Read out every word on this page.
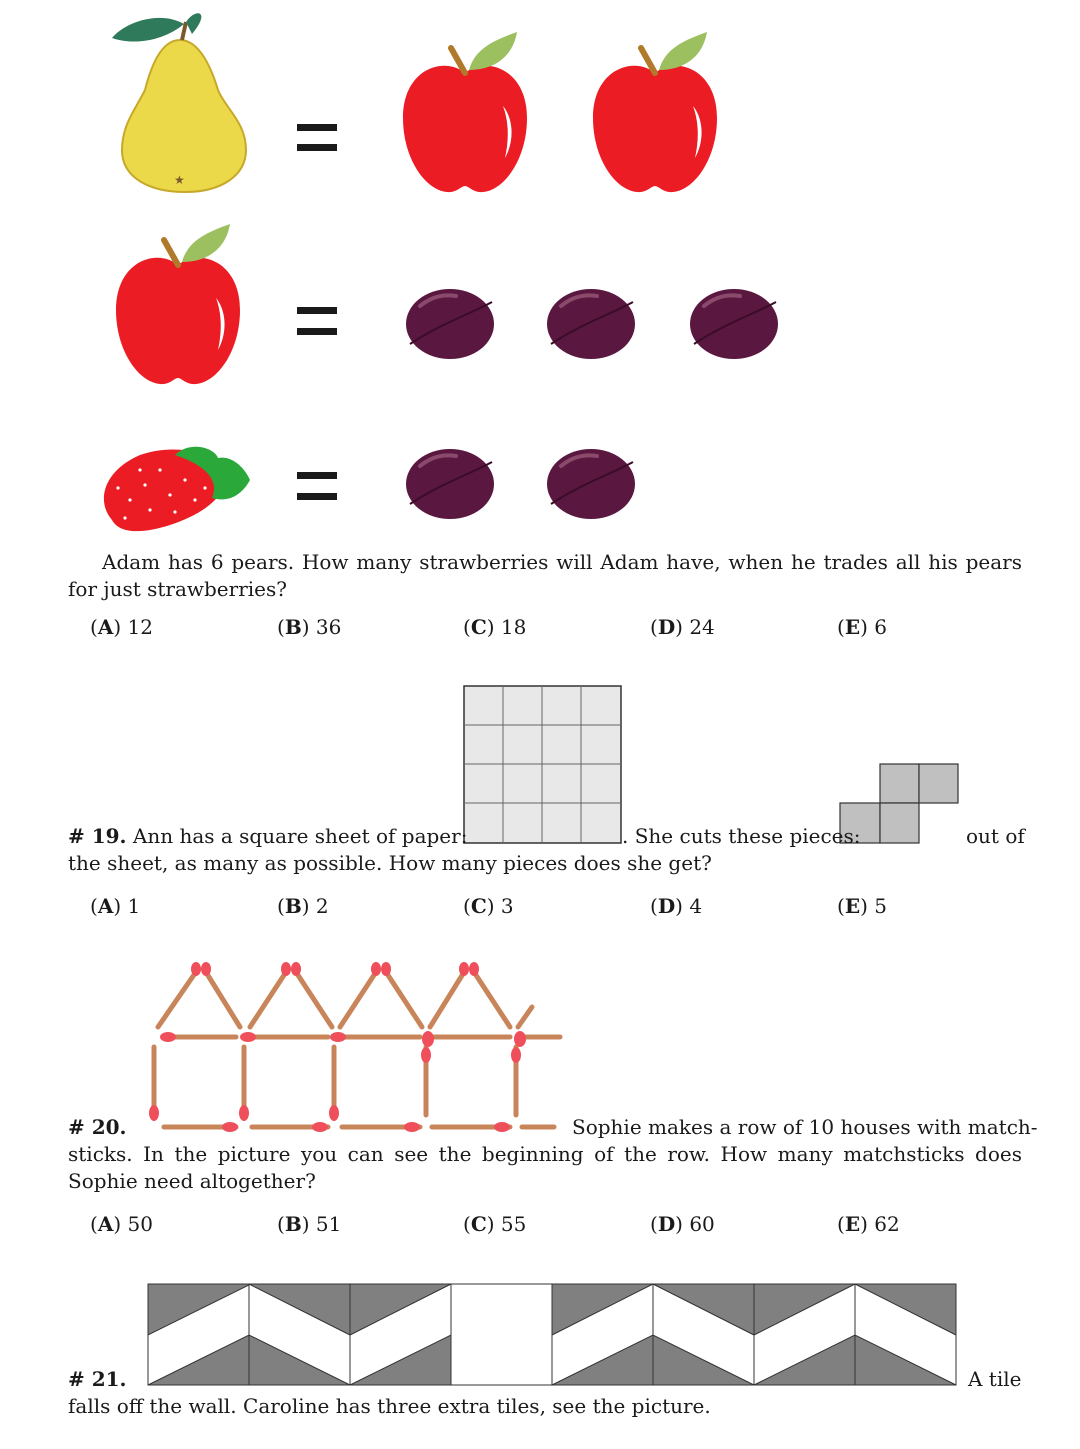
★
Adam has 6 pears. How many strawberries will Adam have, when he trades all his pears for just strawberries?
(A) 12	(B) 36	(C) 18	(D) 24	(E) 6
# 19. Ann has a square sheet of paper:	. She cuts these pieces:	out of
the sheet, as many as possible. How many pieces does she get?
(A) 1	(B) 2	(C) 3	(D) 4	(E) 5
# 20.	Sophie makes a row of 10 houses with match-
sticks. In the picture you can see the beginning of the row. How many matchsticks does Sophie need altogether?
(A) 50	(B) 51	(C) 55	(D) 60	(E) 62
# 21.	A tile
falls off the wall. Caroline has three extra tiles, see the picture.
